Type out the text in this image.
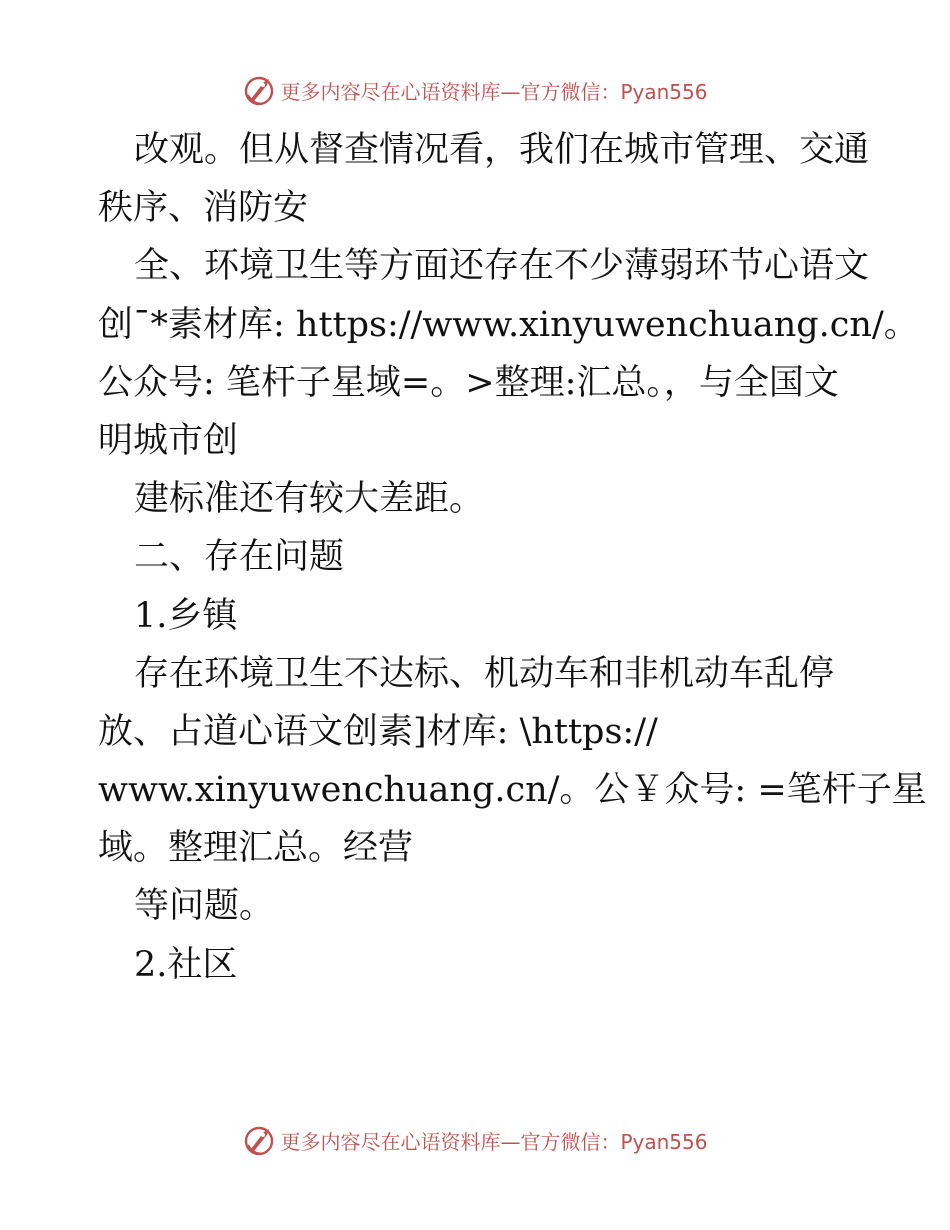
更多内容尽在心语资料库 —官方微信：Pyan556
改观。但从督查情况看，我们在城市管理、交通
秩序、消防安
全、环境卫生等方面还存在不少薄弱环节心语文
创¯*素材库: https://www.xinyuwenchuang.cn/。
公众号: 笔杆子星域=。>整理:汇总。，与全国文
明城市创
建标准还有较大差距。
二、存在问题
1.乡镇
存在环境卫生不达标、机动车和非机动车乱停
放、占道心语文创素]材库: \https://
www.xinyuwenchuang.cn/。公￥众号: =笔杆子星
域。整理汇总。经营
等问题。
2.社区
更多内容尽在心语资料库 —官方微信：Pyan556
